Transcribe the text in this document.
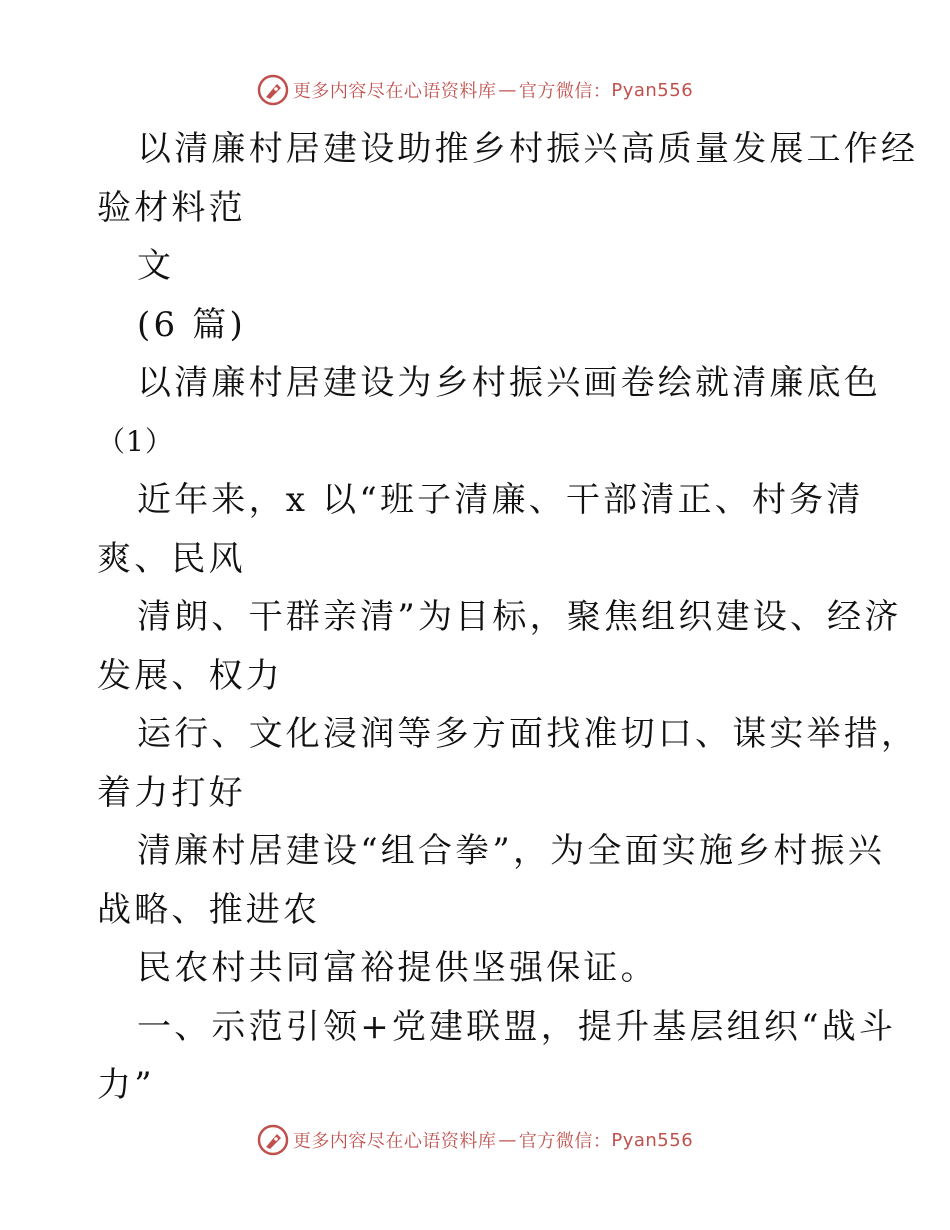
更多内容尽在心语资料库 — 官方微信： Pyan556
以清廉村居建设助推乡村振兴高质量发展工作经
验材料范
文
(6 篇)
以清廉村居建设为乡村振兴画卷绘就清廉底色
（1）
近年来，x 以“班子清廉、干部清正、村务清
爽、民风
清朗、干群亲清”为目标，聚焦组织建设、经济
发展、权力
运行、文化浸润等多方面找准切口、谋实举措，
着力打好
清廉村居建设“组合拳”，为全面实施乡村振兴
战略、推进农
民农村共同富裕提供坚强保证。
一、示范引领+党建联盟，提升基层组织“战斗
力”
更多内容尽在心语资料库 — 官方微信： Pyan556
